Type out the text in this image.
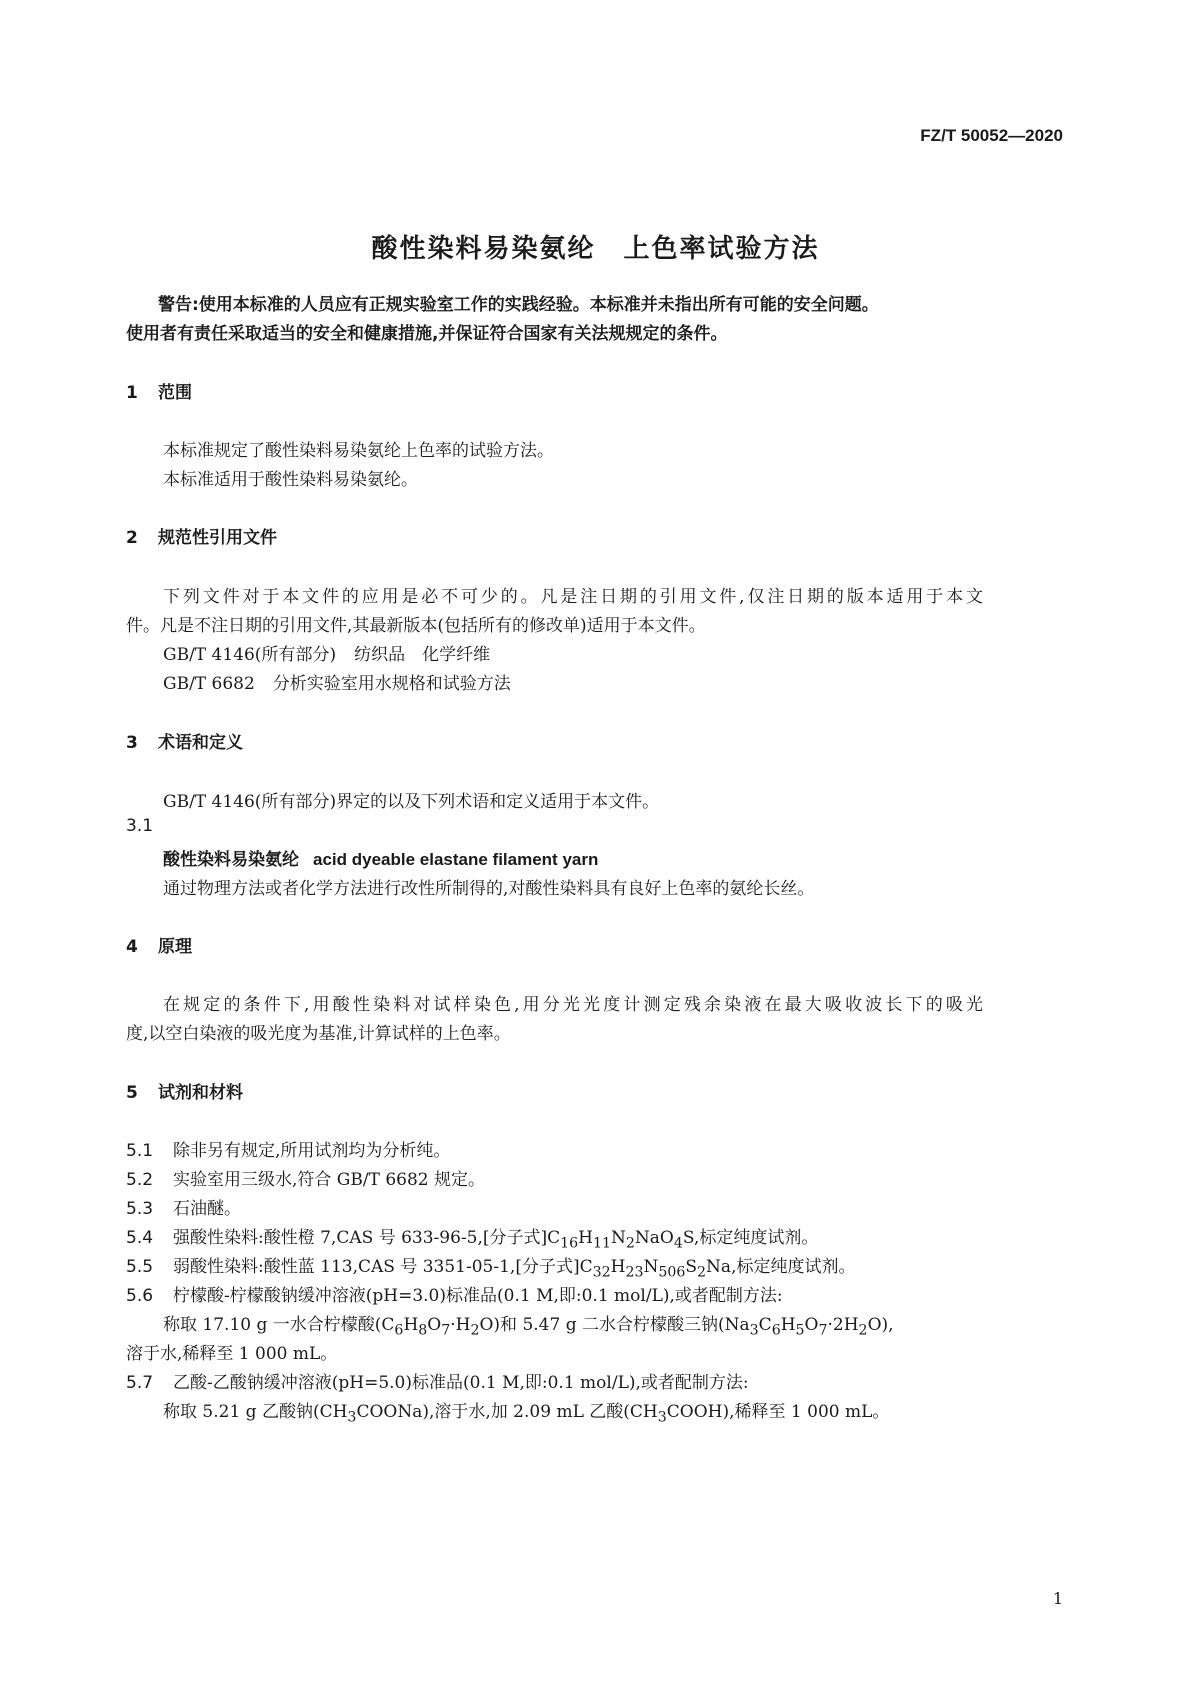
FZ/T 50052—2020
酸性染料易染氨纶　上色率试验方法
警告:使用本标准的人员应有正规实验室工作的实践经验。本标准并未指出所有可能的安全问题。
使用者有责任采取适当的安全和健康措施,并保证符合国家有关法规规定的条件。
1 范围
本标准规定了酸性染料易染氨纶上色率的试验方法。
本标准适用于酸性染料易染氨纶。
2 规范性引用文件
下列文件对于本文件的应用是必不可少的。凡是注日期的引用文件,仅注日期的版本适用于本文
件。凡是不注日期的引用文件,其最新版本(包括所有的修改单)适用于本文件。
GB/T 4146(所有部分) 纺织品　化学纤维
GB/T 6682 分析实验室用水规格和试验方法
3 术语和定义
GB/T 4146(所有部分)界定的以及下列术语和定义适用于本文件。
3.1
酸性染料易染氨纶 acid dyeable elastane filament yarn
通过物理方法或者化学方法进行改性所制得的,对酸性染料具有良好上色率的氨纶长丝。
4 原理
在规定的条件下,用酸性染料对试样染色,用分光光度计测定残余染液在最大吸收波长下的吸光
度,以空白染液的吸光度为基准,计算试样的上色率。
5 试剂和材料
5.1 除非另有规定,所用试剂均为分析纯。
5.2 实验室用三级水,符合 GB/T 6682 规定。
5.3 石油醚。
5.4 强酸性染料:酸性橙 7,CAS 号 633-96-5,[分子式]$C_{16}H_{11}N_2NaO_4S$,标定纯度试剂。
5.5 弱酸性染料:酸性蓝 113,CAS 号 3351-05-1,[分子式]$C_{32}H_{23}N_{506}S_2Na$,标定纯度试剂。
5.6 柠檬酸-柠檬酸钠缓冲溶液(pH=3.0)标准品(0.1 M,即:0.1 mol/L),或者配制方法:
称取 17.10 g 一水合柠檬酸$(C_6H_8O_7\cdot H_2O)$和 5.47 g 二水合柠檬酸三钠$(Na_3C_6H_5O_7\cdot 2H_2O)$,
溶于水,稀释至 1 000 mL。
5.7 乙酸-乙酸钠缓冲溶液(pH=5.0)标准品(0.1 M,即:0.1 mol/L),或者配制方法:
称取 5.21 g 乙酸钠$(CH_3COONa)$,溶于水,加 2.09 mL 乙酸$(CH_3COOH)$,稀释至 1 000 mL。
1
